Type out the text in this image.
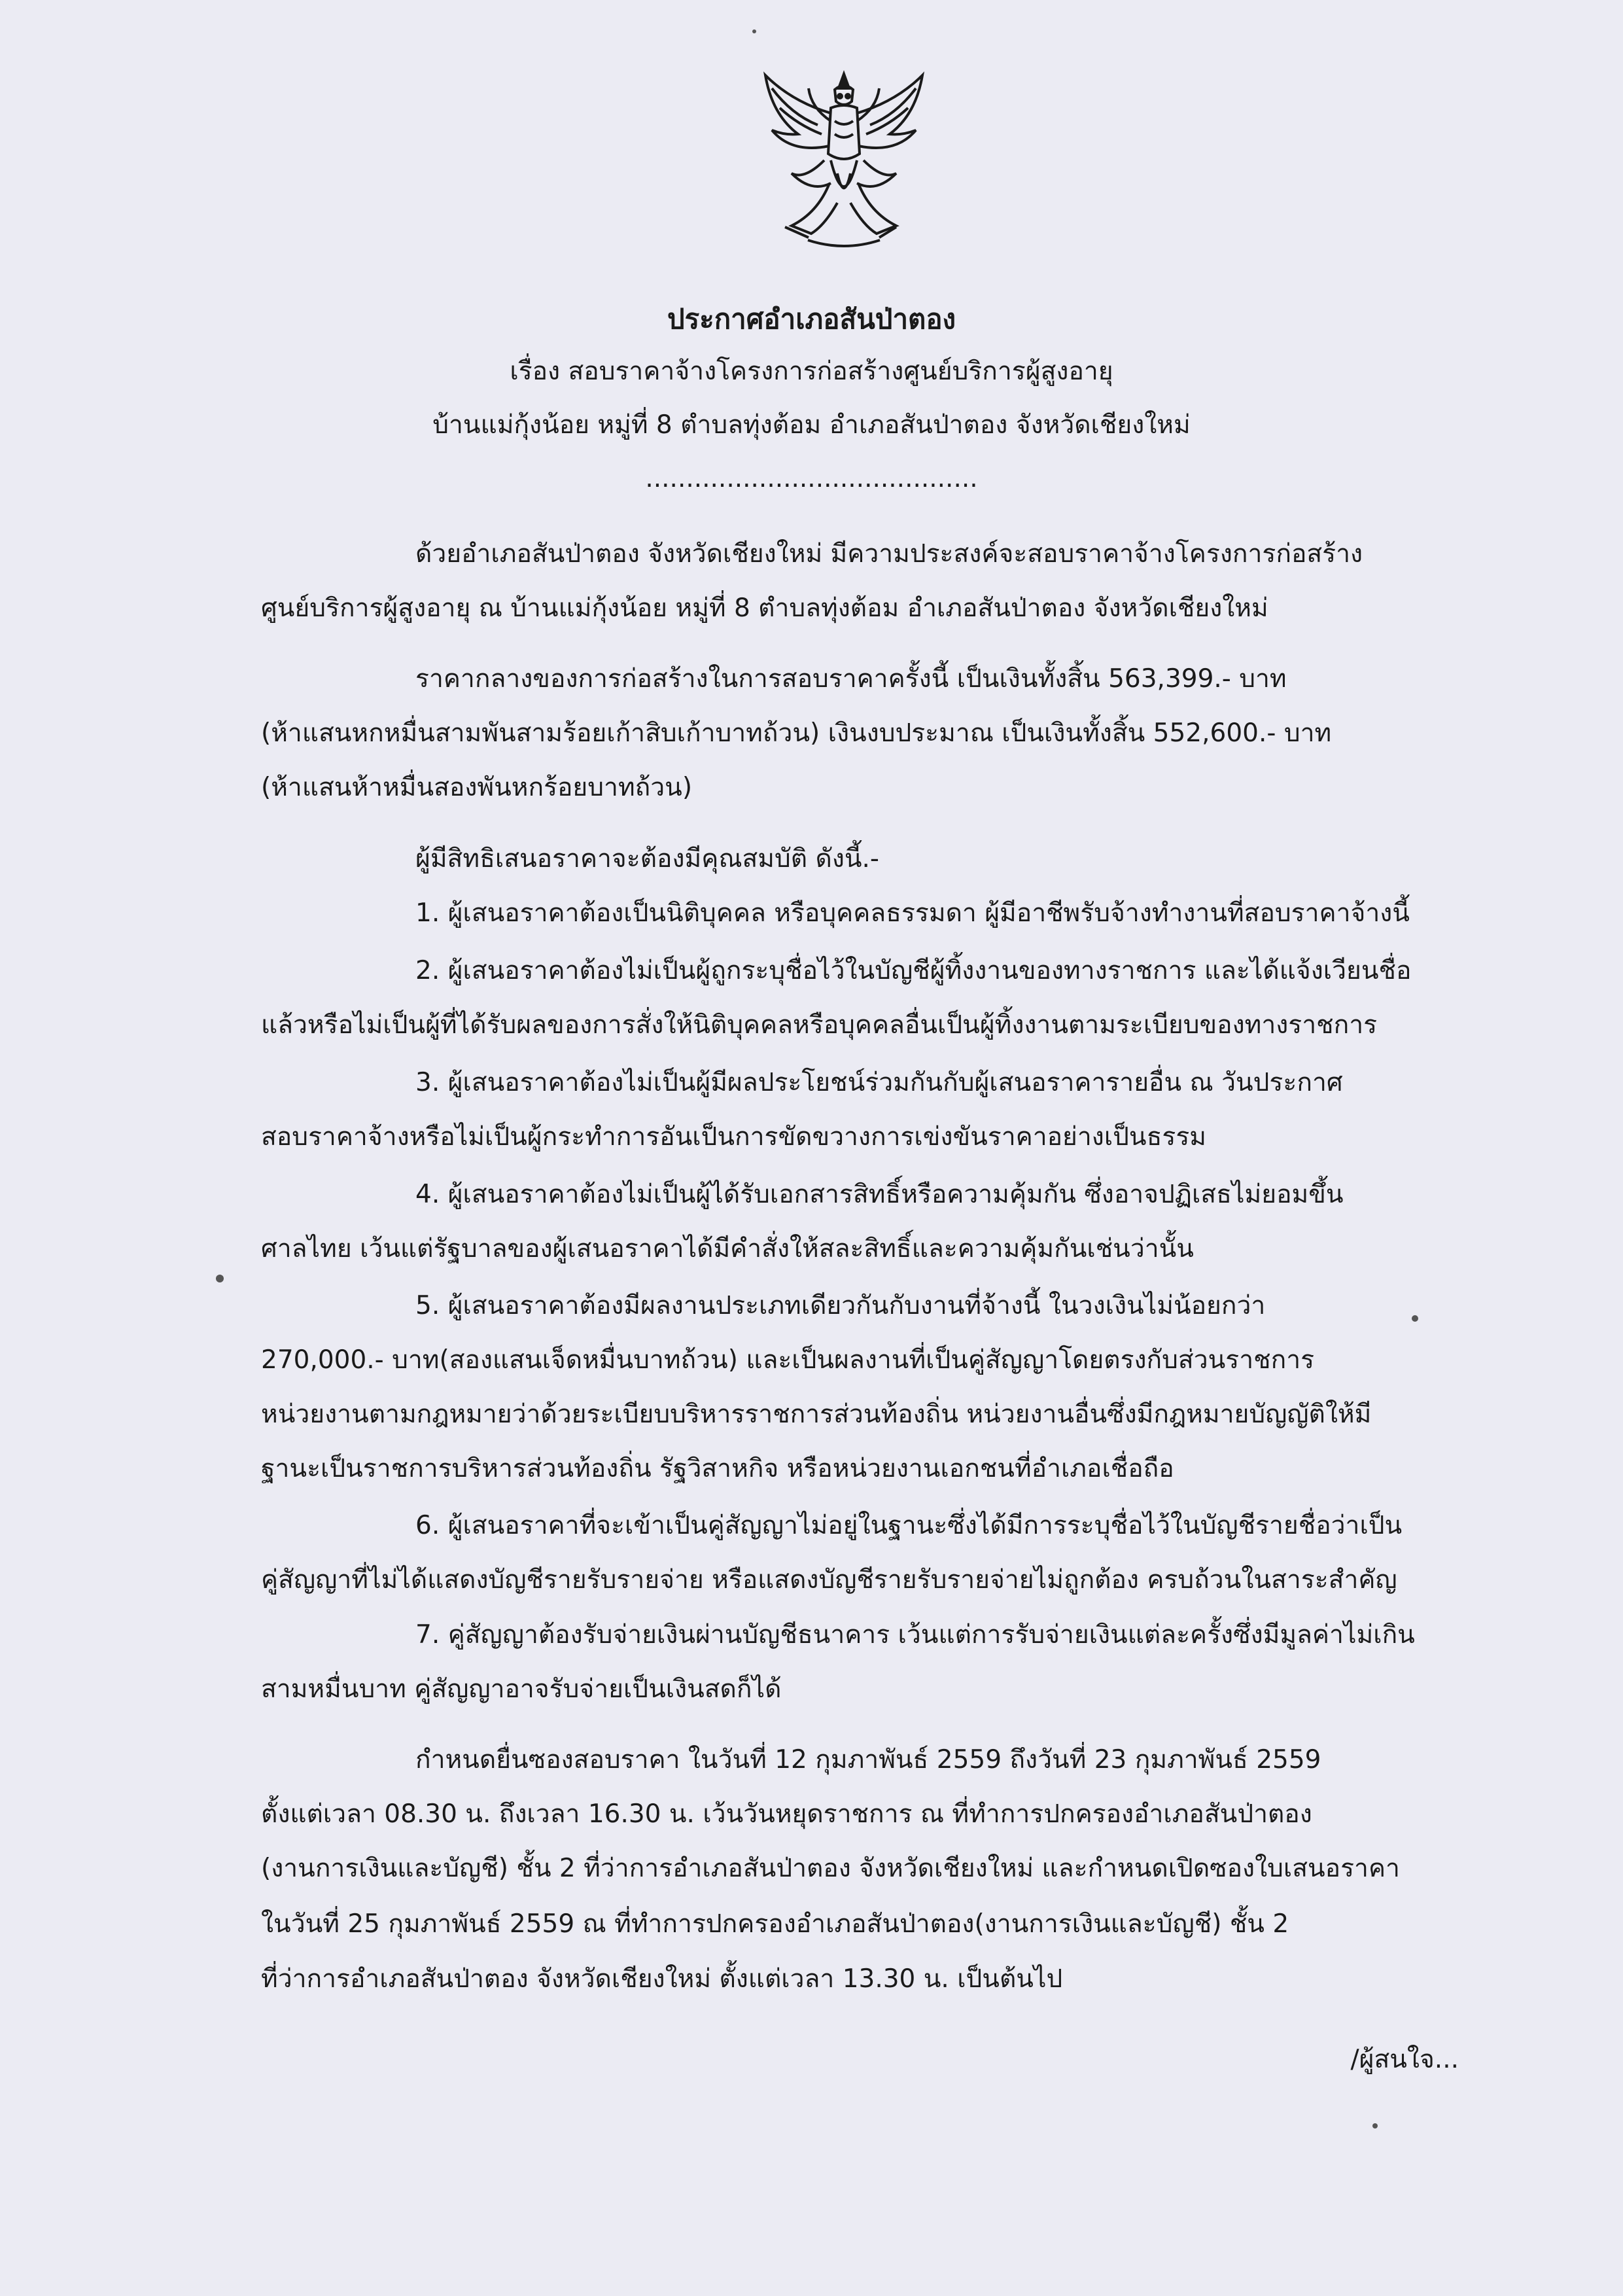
ประกาศอำเภอสันป่าตอง
เรื่อง สอบราคาจ้างโครงการก่อสร้างศูนย์บริการผู้สูงอายุ
บ้านแม่กุ้งน้อย หมู่ที่ 8 ตำบลทุ่งต้อม อำเภอสันป่าตอง จังหวัดเชียงใหม่
.........................................
ด้วยอำเภอสันป่าตอง จังหวัดเชียงใหม่ มีความประสงค์จะสอบราคาจ้างโครงการก่อสร้าง
ศูนย์บริการผู้สูงอายุ ณ บ้านแม่กุ้งน้อย หมู่ที่ 8 ตำบลทุ่งต้อม อำเภอสันป่าตอง จังหวัดเชียงใหม่
ราคากลางของการก่อสร้างในการสอบราคาครั้งนี้ เป็นเงินทั้งสิ้น 563,399.- บาท
(ห้าแสนหกหมื่นสามพันสามร้อยเก้าสิบเก้าบาทถ้วน) เงินงบประมาณ เป็นเงินทั้งสิ้น 552,600.- บาท
(ห้าแสนห้าหมื่นสองพันหกร้อยบาทถ้วน)
ผู้มีสิทธิเสนอราคาจะต้องมีคุณสมบัติ ดังนี้.-
1. ผู้เสนอราคาต้องเป็นนิติบุคคล หรือบุคคลธรรมดา ผู้มีอาชีพรับจ้างทำงานที่สอบราคาจ้างนี้
2. ผู้เสนอราคาต้องไม่เป็นผู้ถูกระบุชื่อไว้ในบัญชีผู้ทิ้งงานของทางราชการ และได้แจ้งเวียนชื่อ
แล้วหรือไม่เป็นผู้ที่ได้รับผลของการสั่งให้นิติบุคคลหรือบุคคลอื่นเป็นผู้ทิ้งงานตามระเบียบของทางราชการ
3. ผู้เสนอราคาต้องไม่เป็นผู้มีผลประโยชน์ร่วมกันกับผู้เสนอราคารายอื่น ณ วันประกาศ
สอบราคาจ้างหรือไม่เป็นผู้กระทำการอันเป็นการขัดขวางการเข่งขันราคาอย่างเป็นธรรม
4. ผู้เสนอราคาต้องไม่เป็นผู้ได้รับเอกสารสิทธิ์หรือความคุ้มกัน ซึ่งอาจปฏิเสธไม่ยอมขึ้น
ศาลไทย เว้นแต่รัฐบาลของผู้เสนอราคาได้มีคำสั่งให้สละสิทธิ์และความคุ้มกันเช่นว่านั้น
5. ผู้เสนอราคาต้องมีผลงานประเภทเดียวกันกับงานที่จ้างนี้ ในวงเงินไม่น้อยกว่า
270,000.- บาท(สองแสนเจ็ดหมื่นบาทถ้วน) และเป็นผลงานที่เป็นคู่สัญญาโดยตรงกับส่วนราชการ
หน่วยงานตามกฎหมายว่าด้วยระเบียบบริหารราชการส่วนท้องถิ่น หน่วยงานอื่นซึ่งมีกฎหมายบัญญัติให้มี
ฐานะเป็นราชการบริหารส่วนท้องถิ่น รัฐวิสาหกิจ หรือหน่วยงานเอกชนที่อำเภอเชื่อถือ
6. ผู้เสนอราคาที่จะเข้าเป็นคู่สัญญาไม่อยู่ในฐานะซึ่งได้มีการระบุชื่อไว้ในบัญชีรายชื่อว่าเป็น
คู่สัญญาที่ไม่ได้แสดงบัญชีรายรับรายจ่าย หรือแสดงบัญชีรายรับรายจ่ายไม่ถูกต้อง ครบถ้วนในสาระสำคัญ
7. คู่สัญญาต้องรับจ่ายเงินผ่านบัญชีธนาคาร เว้นแต่การรับจ่ายเงินแต่ละครั้งซึ่งมีมูลค่าไม่เกิน
สามหมื่นบาท คู่สัญญาอาจรับจ่ายเป็นเงินสดก็ได้
กำหนดยื่นซองสอบราคา ในวันที่ 12 กุมภาพันธ์ 2559 ถึงวันที่ 23 กุมภาพันธ์ 2559
ตั้งแต่เวลา 08.30 น. ถึงเวลา 16.30 น. เว้นวันหยุดราชการ ณ ที่ทำการปกครองอำเภอสันป่าตอง
(งานการเงินและบัญชี) ชั้น 2 ที่ว่าการอำเภอสันป่าตอง จังหวัดเชียงใหม่ และกำหนดเปิดซองใบเสนอราคา
ในวันที่ 25 กุมภาพันธ์ 2559 ณ ที่ทำการปกครองอำเภอสันป่าตอง(งานการเงินและบัญชี) ชั้น 2
ที่ว่าการอำเภอสันป่าตอง จังหวัดเชียงใหม่ ตั้งแต่เวลา 13.30 น. เป็นต้นไป
/ผู้สนใจ...
